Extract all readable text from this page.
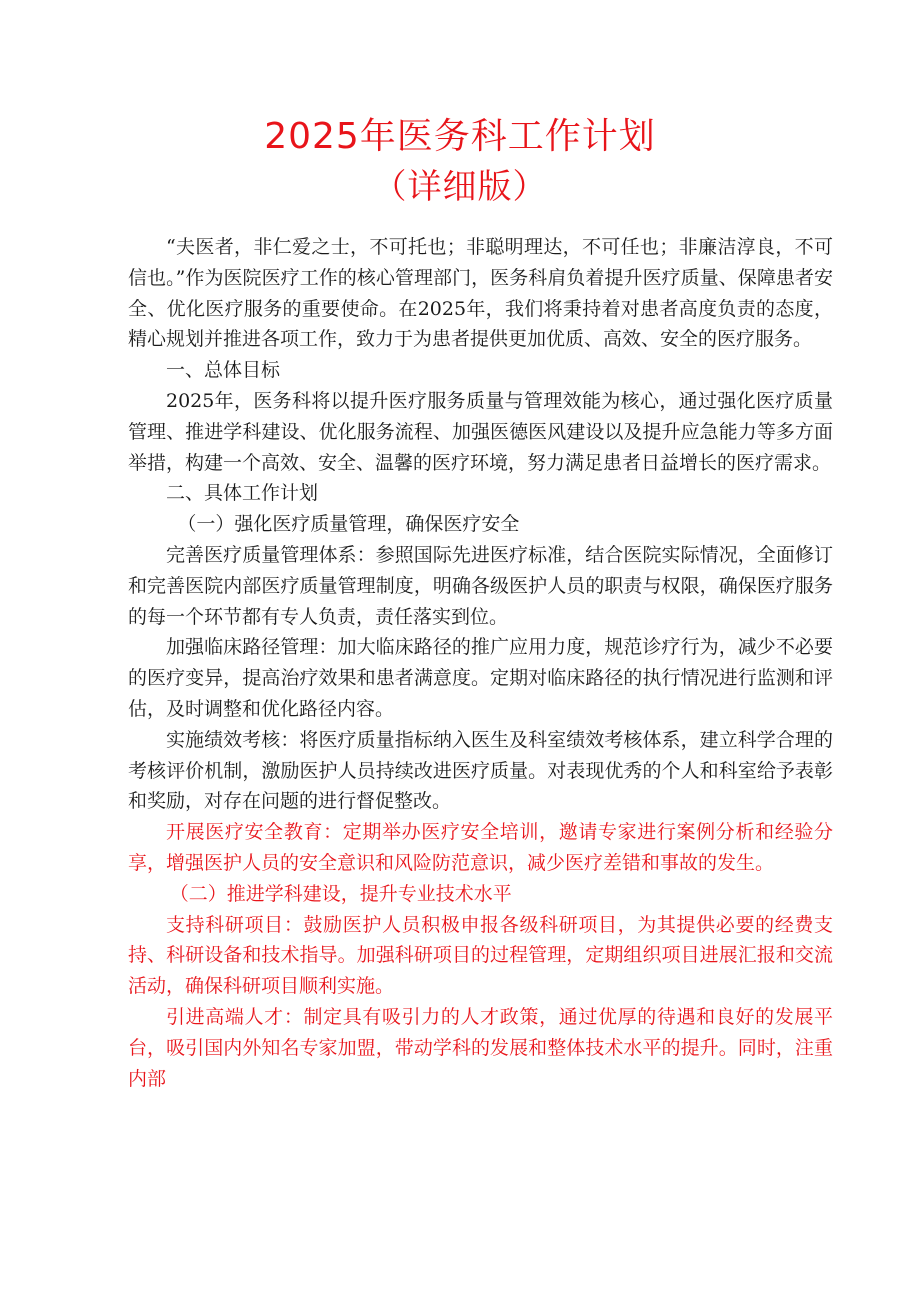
2025年医务科工作计划
（详细版）

“夫医者，非仁爱之士，不可托也；非聪明理达，不可任也；非廉洁淳良，不可信也。”作为医院医疗工作的核心管理部门，医务科肩负着提升医疗质量、保障患者安全、优化医疗服务的重要使命。在2025年，我们将秉持着对患者高度负责的态度，精心规划并推进各项工作，致力于为患者提供更加优质、高效、安全的医疗服务。

一、总体目标

2025年，医务科将以提升医疗服务质量与管理效能为核心，通过强化医疗质量管理、推进学科建设、优化服务流程、加强医德医风建设以及提升应急能力等多方面举措，构建一个高效、安全、温馨的医疗环境，努力满足患者日益增长的医疗需求。

二、具体工作计划

（一）强化医疗质量管理，确保医疗安全

完善医疗质量管理体系：参照国际先进医疗标准，结合医院实际情况，全面修订和完善医院内部医疗质量管理制度，明确各级医护人员的职责与权限，确保医疗服务的每一个环节都有专人负责，责任落实到位。

加强临床路径管理：加大临床路径的推广应用力度，规范诊疗行为，减少不必要的医疗变异，提高治疗效果和患者满意度。定期对临床路径的执行情况进行监测和评估，及时调整和优化路径内容。

实施绩效考核：将医疗质量指标纳入医生及科室绩效考核体系，建立科学合理的考核评价机制，激励医护人员持续改进医疗质量。对表现优秀的个人和科室给予表彰和奖励，对存在问题的进行督促整改。

开展医疗安全教育：定期举办医疗安全培训，邀请专家进行案例分析和经验分享，增强医护人员的安全意识和风险防范意识，减少医疗差错和事故的发生。

（二）推进学科建设，提升专业技术水平

支持科研项目：鼓励医护人员积极申报各级科研项目，为其提供必要的经费支持、科研设备和技术指导。加强科研项目的过程管理，定期组织项目进展汇报和交流活动，确保科研项目顺利实施。

引进高端人才：制定具有吸引力的人才政策，通过优厚的待遇和良好的发展平台，吸引国内外知名专家加盟，带动学科的发展和整体技术水平的提升。同时，注重内部
